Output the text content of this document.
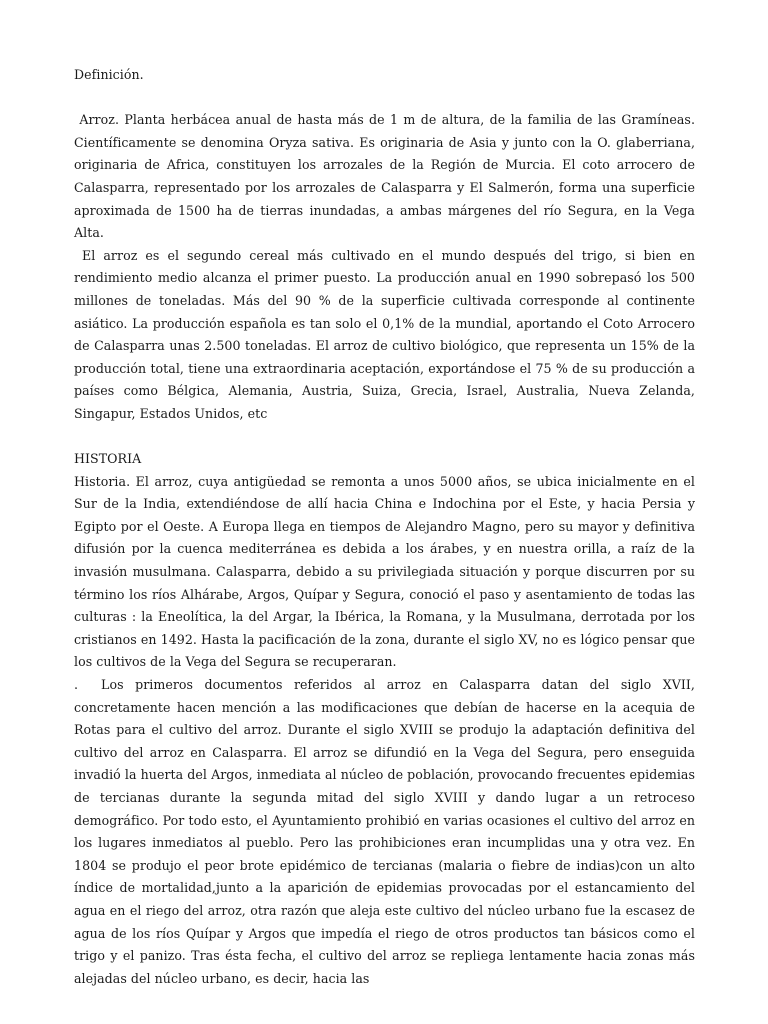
Definición.

Arroz. Planta herbácea anual de hasta más de 1 m de altura, de la familia de las Gramíneas. Científicamente se denomina Oryza sativa. Es originaria de Asia y junto con la O. glaberriana, originaria de Africa, constituyen los arrozales de la Región de Murcia. El coto arrocero de Calasparra, representado por los arrozales de Calasparra y El Salmerón, forma una superficie aproximada de 1500 ha de tierras inundadas, a ambas márgenes del río Segura, en la Vega Alta.

El arroz es el segundo cereal más cultivado en el mundo después del trigo, si bien en rendimiento medio alcanza el primer puesto. La producción anual en 1990 sobrepasó los 500 millones de toneladas. Más del 90 % de la superficie cultivada corresponde al continente asiático. La producción española es tan solo el 0,1% de la mundial, aportando el Coto Arrocero de Calasparra unas 2.500 toneladas. El arroz de cultivo biológico, que representa un 15% de la producción total, tiene una extraordinaria aceptación, exportándose el 75 % de su producción a países como Bélgica, Alemania, Austria, Suiza, Grecia, Israel, Australia, Nueva Zelanda, Singapur, Estados Unidos, etc

HISTORIA

Historia. El arroz, cuya antigüedad se remonta a unos 5000 años, se ubica inicialmente en el Sur de la India, extendiéndose de allí hacia China e Indochina por el Este, y hacia Persia y Egipto por el Oeste. A Europa llega en tiempos de Alejandro Magno, pero su mayor y definitiva difusión por la cuenca mediterránea es debida a los árabes, y en nuestra orilla, a raíz de la invasión musulmana. Calasparra, debido a su privilegiada situación y porque discurren por su término los ríos Alhárabe, Argos, Quípar y Segura, conoció el paso y asentamiento de todas las culturas : la Eneolítica, la del Argar, la Ibérica, la Romana, y la Musulmana, derrotada por los cristianos en 1492. Hasta la pacificación de la zona, durante el siglo XV, no es lógico pensar que los cultivos de la Vega del Segura se recuperaran.

.  Los primeros documentos referidos al arroz en Calasparra datan del siglo XVII, concretamente hacen mención a las modificaciones que debían de hacerse en la acequia de Rotas para el cultivo del arroz. Durante el siglo XVIII se produjo la adaptación definitiva del cultivo del arroz en Calasparra. El arroz se difundió en la Vega del Segura, pero enseguida invadió la huerta del Argos, inmediata al núcleo de población, provocando frecuentes epidemias de tercianas durante la segunda mitad del siglo XVIII y dando lugar a un retroceso demográfico. Por todo esto, el Ayuntamiento prohibió en varias ocasiones el cultivo del arroz en los lugares inmediatos al pueblo. Pero las prohibiciones eran incumplidas una y otra vez. En 1804 se produjo el peor brote epidémico de tercianas (malaria o fiebre de indias)con un alto índice de mortalidad,junto a la aparición de epidemias provocadas por el estancamiento del agua en el riego del arroz, otra razón que aleja este cultivo del núcleo urbano fue la escasez de agua de los ríos Quípar y Argos que impedía el riego de otros productos tan básicos como el trigo y el panizo. Tras ésta fecha, el cultivo del arroz se repliega lentamente hacia zonas más alejadas del núcleo urbano, es decir, hacia las
